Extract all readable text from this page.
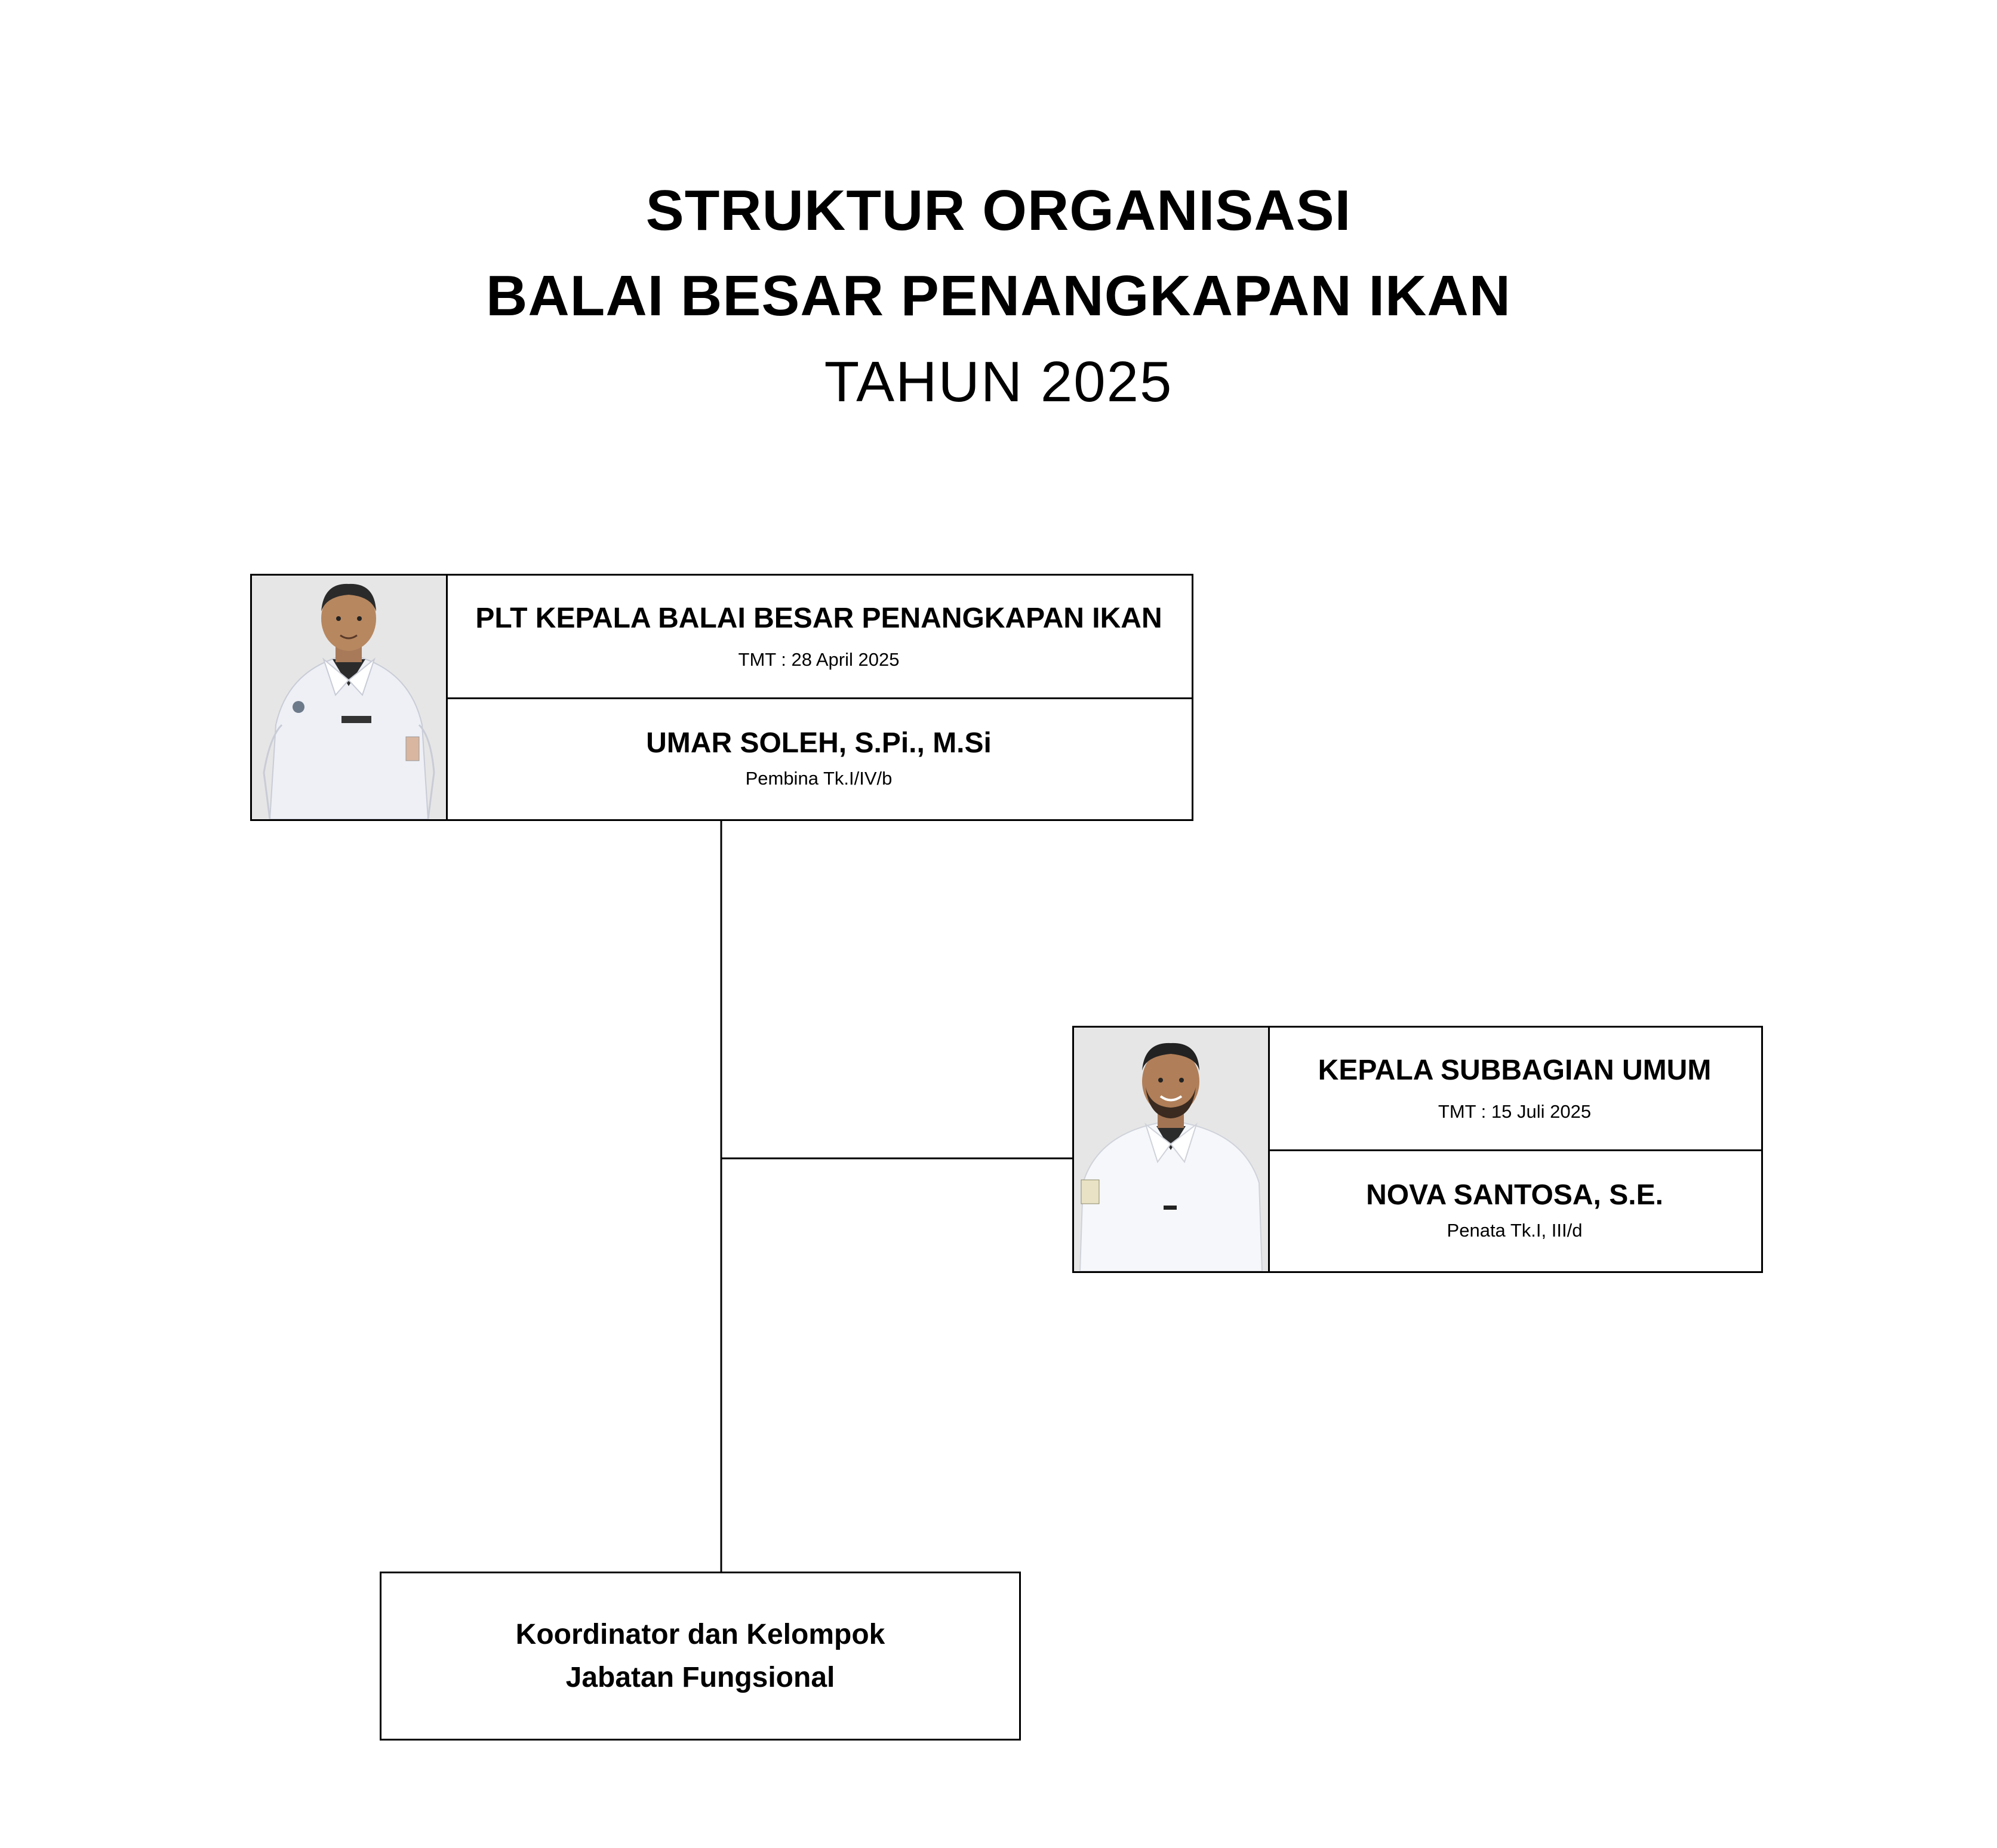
STRUKTUR ORGANISASI
BALAI BESAR PENANGKAPAN IKAN
TAHUN 2025
PLT KEPALA BALAI BESAR PENANGKAPAN IKAN
TMT : 28 April 2025
UMAR SOLEH, S.Pi., M.Si
Pembina Tk.I/IV/b
KEPALA SUBBAGIAN UMUM
TMT : 15 Juli 2025
NOVA SANTOSA, S.E.
Penata Tk.I, III/d
Koordinator dan Kelompok
Jabatan Fungsional
